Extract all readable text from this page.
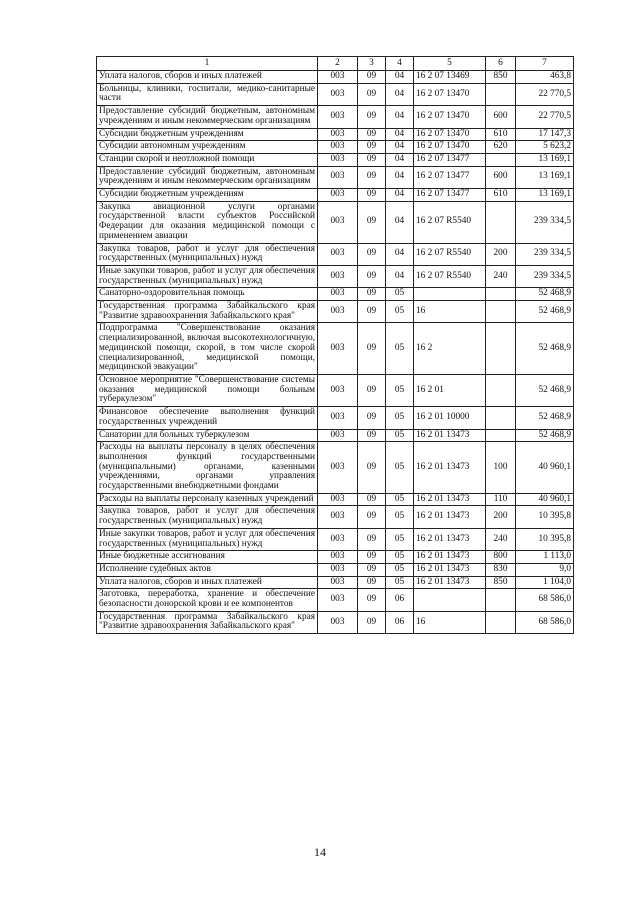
1	2	3	4	5	6	7
Уплата налогов, сборов и иных платежей	003	09	04	16 2 07 13469	850	463,8
Больницы, клиники, госпитали, медико-санитарные части	003	09	04	16 2 07 13470		22 770,5
Предоставление субсидий бюджетным, автономным учреждениям и иным некоммерческим организациям	003	09	04	16 2 07 13470	600	22 770,5
Субсидии бюджетным учреждениям	003	09	04	16 2 07 13470	610	17 147,3
Субсидии автономным учреждениям	003	09	04	16 2 07 13470	620	5 623,2
Станции скорой и неотложной помощи	003	09	04	16 2 07 13477		13 169,1
Предоставление субсидий бюджетным, автономным учреждениям и иным некоммерческим организациям	003	09	04	16 2 07 13477	600	13 169,1
Субсидии бюджетным учреждениям	003	09	04	16 2 07 13477	610	13 169,1
Закупка авиационной услуги органами государственной власти субъектов Российской Федерации для оказания медицинской помощи с применением авиации	003	09	04	16 2 07 R5540		239 334,5
Закупка товаров, работ и услуг для обеспечения государственных (муниципальных) нужд	003	09	04	16 2 07 R5540	200	239 334,5
Иные закупки товаров, работ и услуг для обеспечения государственных (муниципальных) нужд	003	09	04	16 2 07 R5540	240	239 334,5
Санаторно-оздоровительная помощь	003	09	05			52 468,9
Государственная программа Забайкальского края "Развитие здравоохранения Забайкальского края"	003	09	05	16		52 468,9
Подпрограмма "Совершенствование оказания специализированной, включая высокотехнологичную, медицинской помощи, скорой, в том числе скорой специализированной, медицинской помощи, медицинской эвакуации"	003	09	05	16 2		52 468,9
Основное мероприятие "Совершенствование системы оказания медицинской помощи больным туберкулезом"	003	09	05	16 2 01		52 468,9
Финансовое обеспечение выполнения функций государственных учреждений	003	09	05	16 2 01 10000		52 468,9
Санатории для больных туберкулезом	003	09	05	16 2 01 13473		52 468,9
Расходы на выплаты персоналу в целях обеспечения выполнения функций государственными (муниципальными) органами, казенными учреждениями, органами управления государственными внебюджетными фондами	003	09	05	16 2 01 13473	100	40 960,1
Расходы на выплаты персоналу казенных учреждений	003	09	05	16 2 01 13473	110	40 960,1
Закупка товаров, работ и услуг для обеспечения государственных (муниципальных) нужд	003	09	05	16 2 01 13473	200	10 395,8
Иные закупки товаров, работ и услуг для обеспечения государственных (муниципальных) нужд	003	09	05	16 2 01 13473	240	10 395,8
Иные бюджетные ассигнования	003	09	05	16 2 01 13473	800	1 113,0
Исполнение судебных актов	003	09	05	16 2 01 13473	830	9,0
Уплата налогов, сборов и иных платежей	003	09	05	16 2 01 13473	850	1 104,0
Заготовка, переработка, хранение и обеспечение безопасности донорской крови и ее компонентов	003	09	06			68 586,0
Государственная программа Забайкальского края "Развитие здравоохранения Забайкальского края"	003	09	06	16		68 586,0
14
